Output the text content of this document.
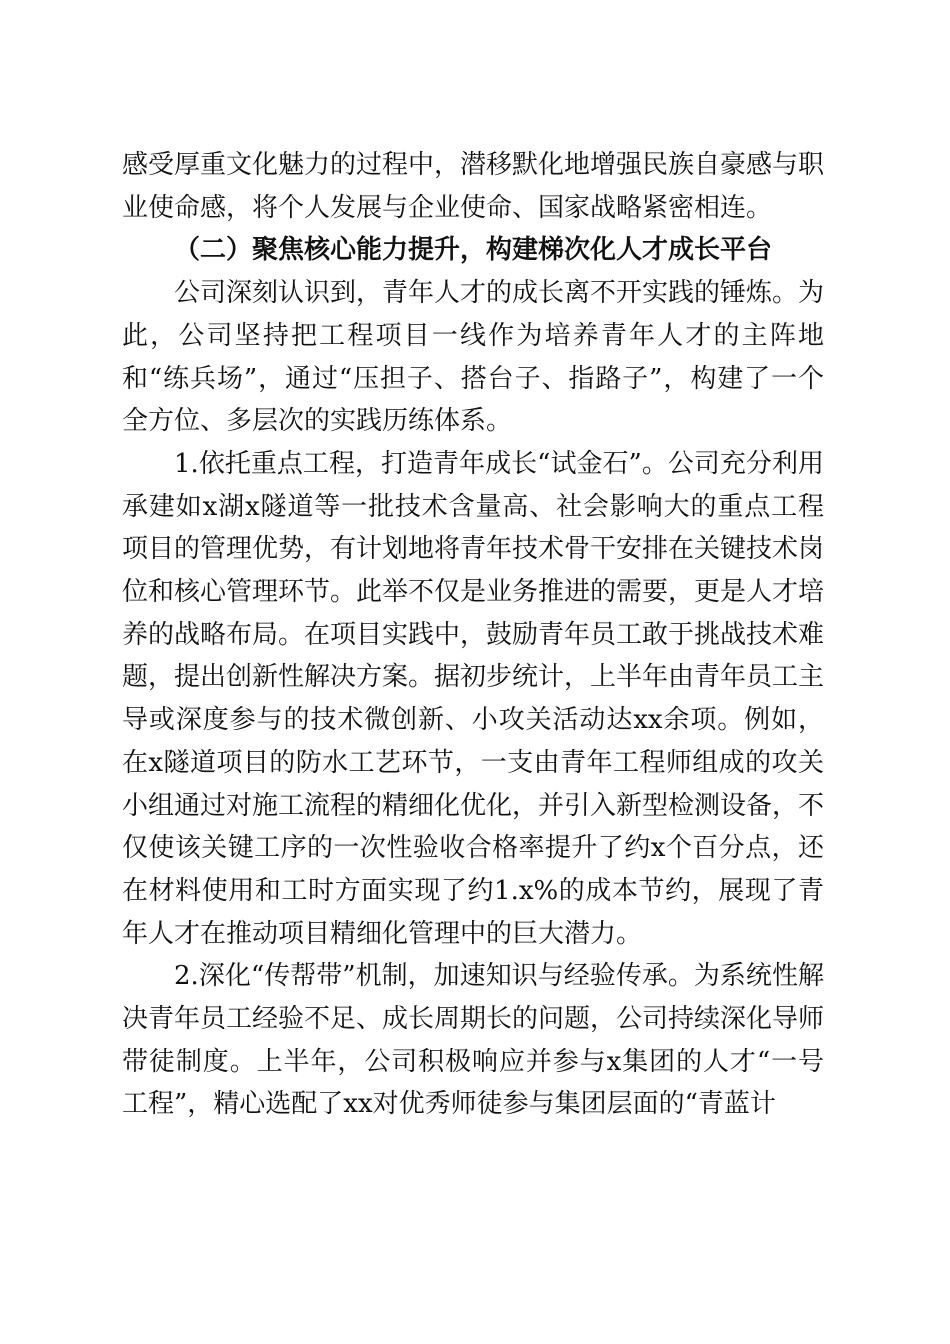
感受厚重文化魅力的过程中，潜移默化地增强民族自豪感与职业使命感，将个人发展与企业使命、国家战略紧密相连。

（二）聚焦核心能力提升，构建梯次化人才成长平台

公司深刻认识到，青年人才的成长离不开实践的锤炼。为此，公司坚持把工程项目一线作为培养青年人才的主阵地和“练兵场”，通过“压担子、搭台子、指路子”，构建了一个全方位、多层次的实践历练体系。

1.依托重点工程，打造青年成长“试金石”。公司充分利用承建如x湖x隧道等一批技术含量高、社会影响大的重点工程项目的管理优势，有计划地将青年技术骨干安排在关键技术岗位和核心管理环节。此举不仅是业务推进的需要，更是人才培养的战略布局。在项目实践中，鼓励青年员工敢于挑战技术难题，提出创新性解决方案。据初步统计，上半年由青年员工主导或深度参与的技术微创新、小攻关活动达xx余项。例如，在x隧道项目的防水工艺环节，一支由青年工程师组成的攻关小组通过对施工流程的精细化优化，并引入新型检测设备，不仅使该关键工序的一次性验收合格率提升了约x个百分点，还在材料使用和工时方面实现了约1.x%的成本节约，展现了青年人才在推动项目精细化管理中的巨大潜力。

2.深化“传帮带”机制，加速知识与经验传承。为系统性解决青年员工经验不足、成长周期长的问题，公司持续深化导师带徒制度。上半年，公司积极响应并参与x集团的人才“一号工程”，精心选配了xx对优秀师徒参与集团层面的“青蓝计
